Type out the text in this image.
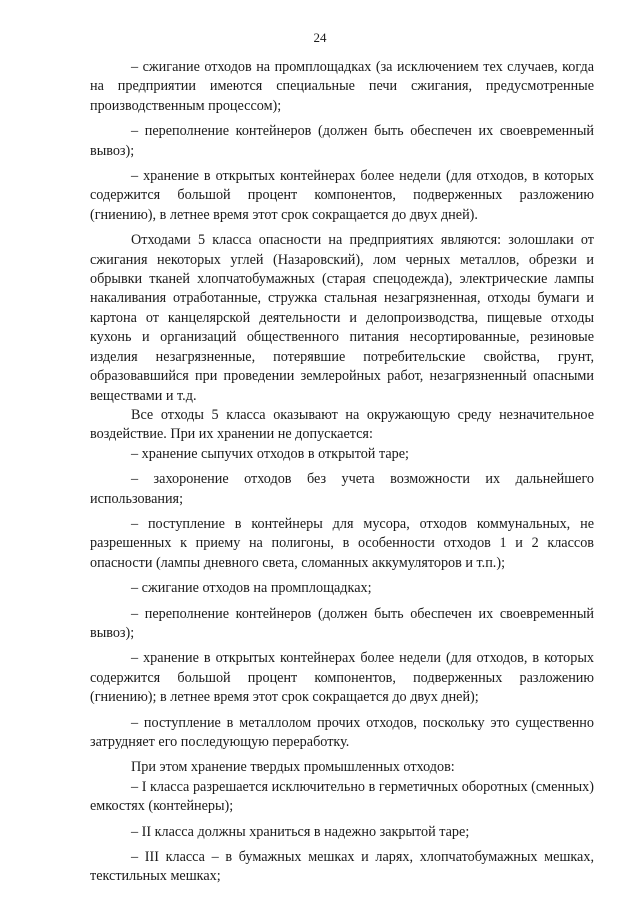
24

– сжигание отходов на промплощадках (за исключением тех случаев, когда на предприятии имеются специальные печи сжигания, предусмотренные производственным процессом);

– переполнение контейнеров (должен быть обеспечен их своевременный вывоз);

– хранение в открытых контейнерах более недели (для отходов, в которых содержится большой процент компонентов, подверженных разложению (гниению), в летнее время этот срок сокращается до двух дней).

Отходами 5 класса опасности на предприятиях являются: золошлаки от сжигания некоторых углей (Назаровский), лом черных металлов, обрезки и обрывки тканей хлопчатобумажных (старая спецодежда), электрические лампы накаливания отработанные, стружка стальная незагрязненная, отходы бумаги и картона от канцелярской деятельности и делопроизводства, пищевые отходы кухонь и организаций общественного питания несортированные, резиновые изделия незагрязненные, потерявшие потребительские свойства, грунт, образовавшийся при проведении землеройных работ, незагрязненный опасными веществами и т.д.

Все отходы 5 класса оказывают на окружающую среду незначительное воздействие. При их хранении не допускается:

– хранение сыпучих отходов в открытой таре;

– захоронение отходов без учета возможности их дальнейшего использования;

– поступление в контейнеры для мусора, отходов коммунальных, не разрешенных к приему на полигоны, в особенности отходов 1 и 2 классов опасности (лампы дневного света, сломанных аккумуляторов и т.п.);

– сжигание отходов на промплощадках;

– переполнение контейнеров (должен быть обеспечен их своевременный вывоз);

– хранение в открытых контейнерах более недели (для отходов, в которых содержится большой процент компонентов, подверженных разложению (гниению); в летнее время этот срок сокращается до двух дней);

– поступление в металлолом прочих отходов, поскольку это существенно затрудняет его последующую переработку.

При этом хранение твердых промышленных отходов:

– I класса разрешается исключительно в герметичных оборотных (сменных) емкостях (контейнеры);

– II класса должны храниться в надежно закрытой таре;

– III класса – в бумажных мешках и ларях, хлопчатобумажных мешках, текстильных мешках;
